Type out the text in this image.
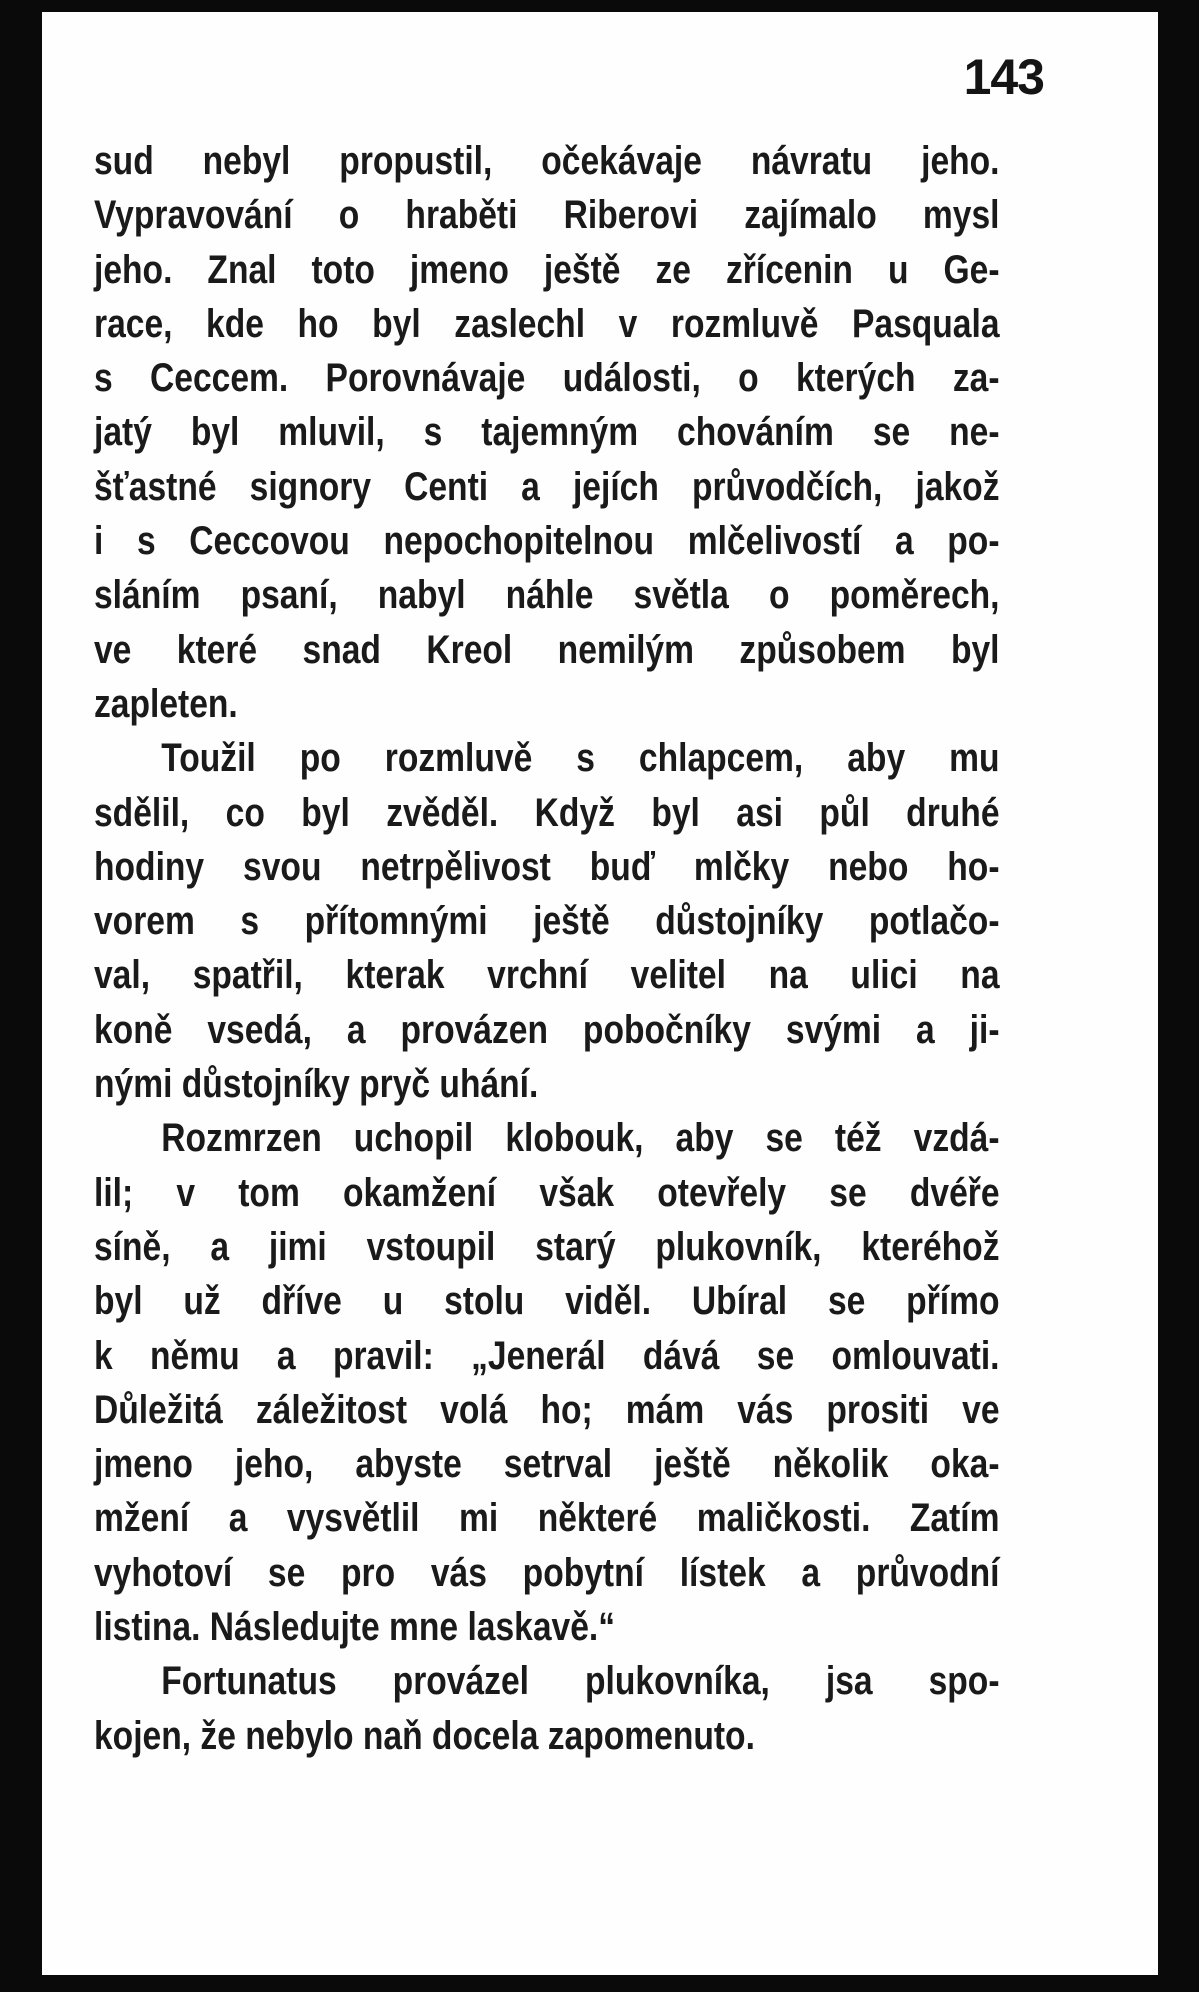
143

sud nebyl propustil, očekávaje návratu jeho.
Vypravování o hraběti Riberovi zajímalo mysl
jeho. Znal toto jmeno ještě ze zřícenin u Ge-
race, kde ho byl zaslechl v rozmluvě Pasquala
s Ceccem. Porovnávaje události, o kterých za-
jatý byl mluvil, s tajemným chováním se ne-
šťastné signory Centi a jejích průvodčích, jakož
i s Ceccovou nepochopitelnou mlčelivostí a po-
sláním psaní, nabyl náhle světla o poměrech,
ve které snad Kreol nemilým způsobem byl
zapleten.

Toužil po rozmluvě s chlapcem, aby mu
sdělil, co byl zvěděl. Když byl asi půl druhé
hodiny svou netrpělivost buď mlčky nebo ho-
vorem s přítomnými ještě důstojníky potlačo-
val, spatřil, kterak vrchní velitel na ulici na
koně vsedá, a provázen pobočníky svými a ji-
nými důstojníky pryč uhání.

Rozmrzen uchopil klobouk, aby se též vzdá-
lil; v tom okamžení však otevřely se dvéře
síně, a jimi vstoupil starý plukovník, kteréhož
byl už dříve u stolu viděl. Ubíral se přímo
k němu a pravil: „Jenerál dává se omlouvati.
Důležitá záležitost volá ho; mám vás prositi ve
jmeno jeho, abyste setrval ještě několik oka-
mžení a vysvětlil mi některé maličkosti. Zatím
vyhotoví se pro vás pobytní lístek a průvodní
listina. Následujte mne laskavě.“

Fortunatus provázel plukovníka, jsa spo-
kojen, že nebylo naň docela zapomenuto.
